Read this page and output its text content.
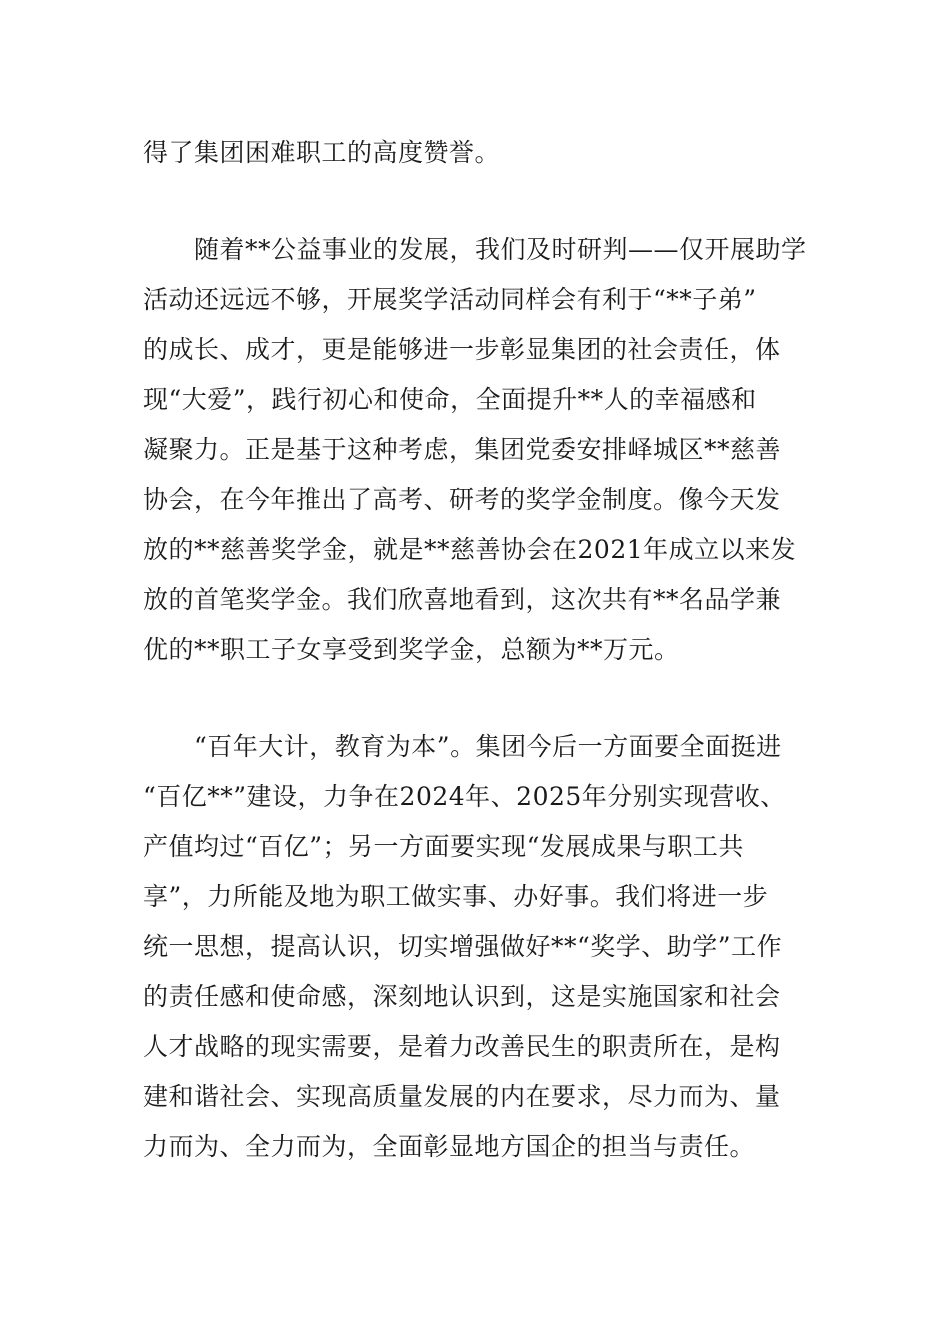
得了集团困难职工的高度赞誉。

　　随着**公益事业的发展，我们及时研判——仅开展助学

活动还远远不够，开展奖学活动同样会有利于“**子弟”

的成长、成才，更是能够进一步彰显集团的社会责任，体

现“大爱”，践行初心和使命，全面提升**人的幸福感和

凝聚力。正是基于这种考虑，集团党委安排峄城区**慈善

协会，在今年推出了高考、研考的奖学金制度。像今天发

放的**慈善奖学金，就是**慈善协会在2021年成立以来发

放的首笔奖学金。我们欣喜地看到，这次共有**名品学兼

优的**职工子女享受到奖学金，总额为**万元。

　　“百年大计，教育为本”。集团今后一方面要全面挺进

“百亿**”建设，力争在2024年、2025年分别实现营收、

产值均过“百亿”；另一方面要实现“发展成果与职工共

享”，力所能及地为职工做实事、办好事。我们将进一步

统一思想，提高认识，切实增强做好**“奖学、助学”工作

的责任感和使命感，深刻地认识到，这是实施国家和社会

人才战略的现实需要，是着力改善民生的职责所在，是构

建和谐社会、实现高质量发展的内在要求，尽力而为、量

力而为、全力而为，全面彰显地方国企的担当与责任。
